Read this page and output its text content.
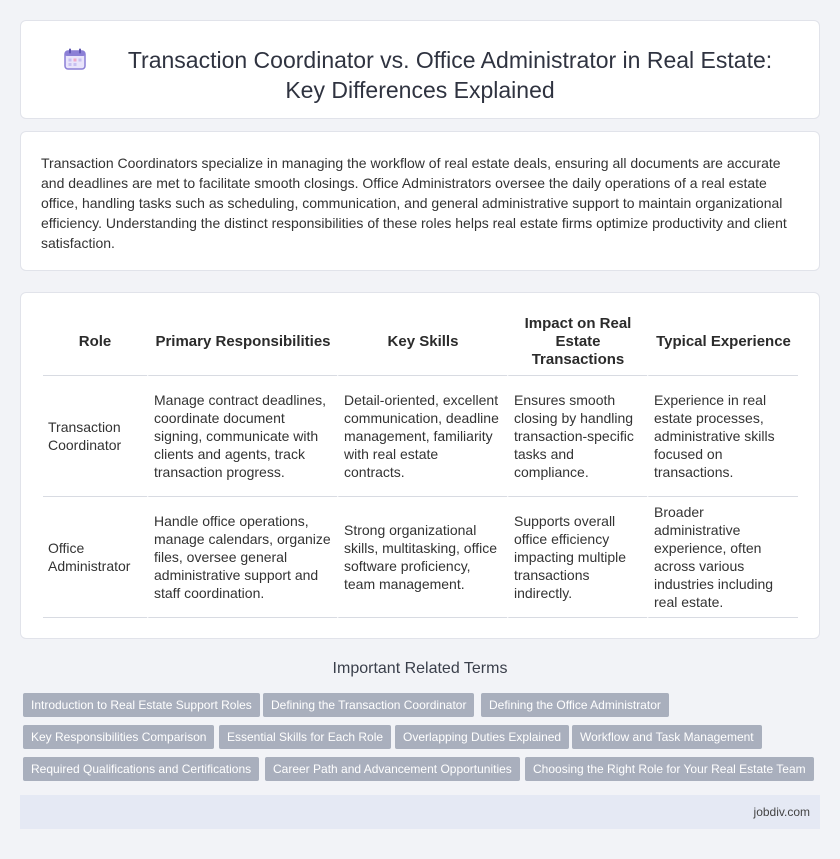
Transaction Coordinator vs. Office Administrator in Real Estate:
Key Differences Explained

Transaction Coordinators specialize in managing the workflow of real estate deals, ensuring all documents are accurate and deadlines are met to facilitate smooth closings. Office Administrators oversee the daily operations of a real estate office, handling tasks such as scheduling, communication, and general administrative support to maintain organizational efficiency. Understanding the distinct responsibilities of these roles helps real estate firms optimize productivity and client satisfaction.

Role	Primary Responsibilities	Key Skills	Impact on Real Estate Transactions	Typical Experience
Transaction Coordinator	Manage contract deadlines, coordinate document signing, communicate with clients and agents, track transaction progress.	Detail-oriented, excellent communication, deadline management, familiarity with real estate contracts.	Ensures smooth closing by handling transaction-specific tasks and compliance.	Experience in real estate processes, administrative skills focused on transactions.
Office Administrator	Handle office operations, manage calendars, organize files, oversee general administrative support and staff coordination.	Strong organizational skills, multitasking, office software proficiency, team management.	Supports overall office efficiency impacting multiple transactions indirectly.	Broader administrative experience, often across various industries including real estate.
Important Related Terms
Introduction to Real Estate Support Roles	Defining the Transaction Coordinator	Defining the Office Administrator
Key Responsibilities Comparison	Essential Skills for Each Role	Overlapping Duties Explained	Workflow and Task Management
Required Qualifications and Certifications	Career Path and Advancement Opportunities	Choosing the Right Role for Your Real Estate Team
jobdiv.com
